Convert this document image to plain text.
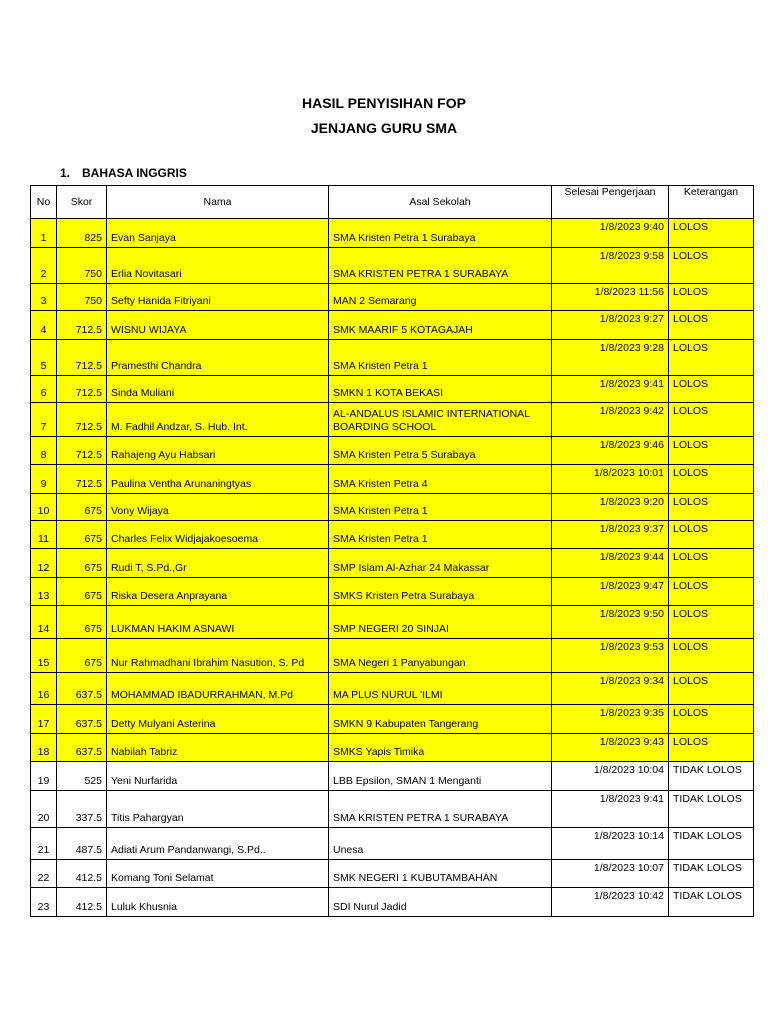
HASIL PENYISIHAN FOP
JENJANG GURU SMA
1. BAHASA INGGRIS
No	Skor	Nama	Asal Sekolah	Selesai Pengerjaan	Keterangan
1	825	Evan Sanjaya	SMA Kristen Petra 1 Surabaya	1/8/2023 9:40	LOLOS
2	750	Erlia Novitasari	SMA KRISTEN PETRA 1 SURABAYA	1/8/2023 9:58	LOLOS
3	750	Sefty Hanida Fitriyani	MAN 2 Semarang	1/8/2023 11:56	LOLOS
4	712.5	WISNU WIJAYA	SMK MAARIF 5 KOTAGAJAH	1/8/2023 9:27	LOLOS
5	712.5	Pramesthi Chandra	SMA Kristen Petra 1	1/8/2023 9:28	LOLOS
6	712.5	Sinda Muliani	SMKN 1 KOTA BEKASI	1/8/2023 9:41	LOLOS
7	712.5	M. Fadhil Andzar, S. Hub. Int.	AL-ANDALUS ISLAMIC INTERNATIONAL BOARDING SCHOOL	1/8/2023 9:42	LOLOS
8	712.5	Rahajeng Ayu Habsari	SMA Kristen Petra 5 Surabaya	1/8/2023 9:46	LOLOS
9	712.5	Paulina Ventha Arunaningtyas	SMA Kristen Petra 4	1/8/2023 10:01	LOLOS
10	675	Vony Wijaya	SMA Kristen Petra 1	1/8/2023 9:20	LOLOS
11	675	Charles Felix Widjajakoesoema	SMA Kristen Petra 1	1/8/2023 9:37	LOLOS
12	675	Rudi T, S.Pd.,Gr	SMP Islam Al-Azhar 24 Makassar	1/8/2023 9:44	LOLOS
13	675	Riska Desera Anprayana	SMKS Kristen Petra Surabaya	1/8/2023 9:47	LOLOS
14	675	LUKMAN HAKIM ASNAWI	SMP NEGERI 20 SINJAI	1/8/2023 9:50	LOLOS
15	675	Nur Rahmadhani Ibrahim Nasution, S. Pd	SMA Negeri 1 Panyabungan	1/8/2023 9:53	LOLOS
16	637.5	MOHAMMAD IBADURRAHMAN, M.Pd	MA PLUS NURUL 'ILMI	1/8/2023 9:34	LOLOS
17	637.5	Detty Mulyani Asterina	SMKN 9 Kabupaten Tangerang	1/8/2023 9:35	LOLOS
18	637.5	Nabilah Tabriz	SMKS Yapis Timika	1/8/2023 9:43	LOLOS
19	525	Yeni Nurfarida	LBB Epsilon, SMAN 1 Menganti	1/8/2023 10:04	TIDAK LOLOS
20	337.5	Titis Pahargyan	SMA KRISTEN PETRA 1 SURABAYA	1/8/2023 9:41	TIDAK LOLOS
21	487.5	Adiati Arum Pandanwangi, S.Pd..	Unesa	1/8/2023 10:14	TIDAK LOLOS
22	412.5	Komang Toni Selamat	SMK NEGERI 1 KUBUTAMBAHAN	1/8/2023 10:07	TIDAK LOLOS
23	412.5	Luluk Khusnia	SDI Nurul Jadid	1/8/2023 10:42	TIDAK LOLOS
